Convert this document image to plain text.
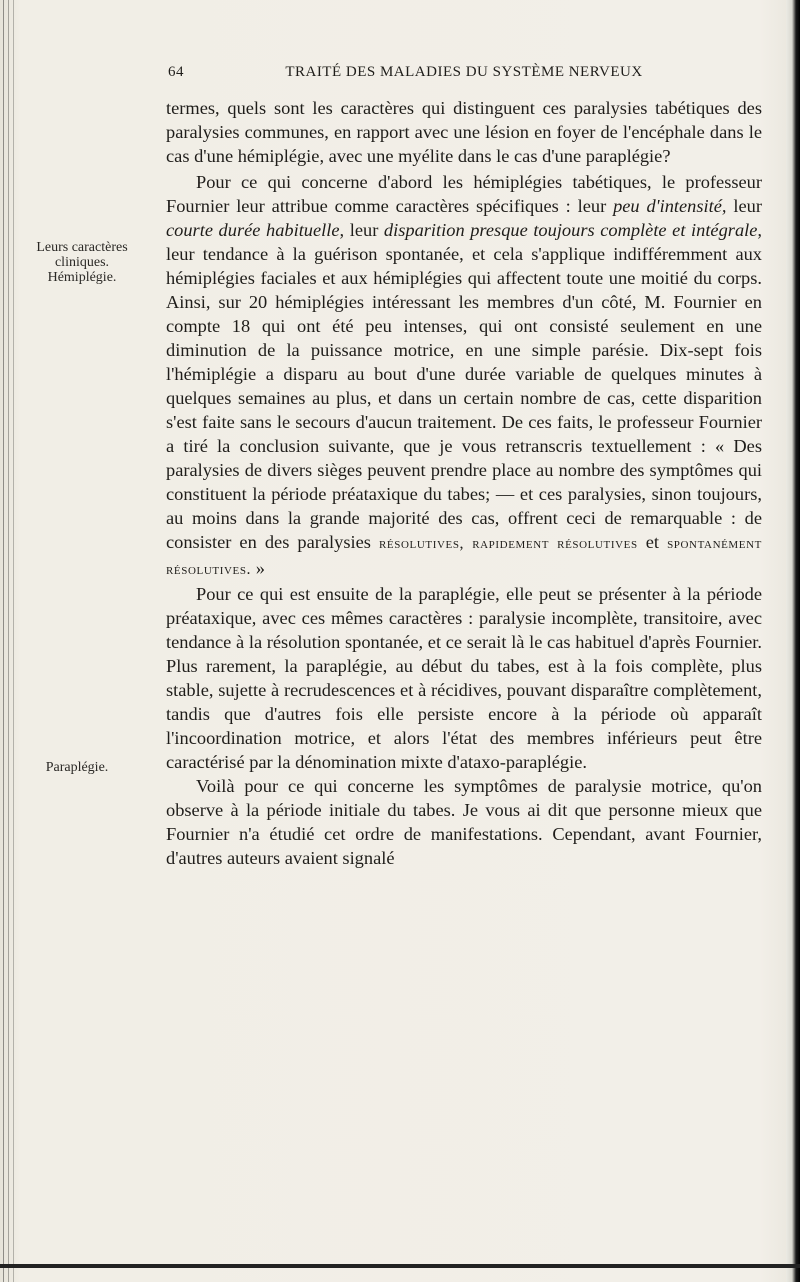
64	TRAITÉ DES MALADIES DU SYSTÈME NERVEUX
Leurs caractères
cliniques.
Hémiplégie.
Paraplégie.

termes, quels sont les caractères qui distinguent ces paralysies tabétiques des paralysies communes, en rapport avec une lésion en foyer de l'encéphale dans le cas d'une hémiplégie, avec une myélite dans le cas d'une paraplégie?

Pour ce qui concerne d'abord les hémiplégies tabétiques, le professeur Fournier leur attribue comme caractères spécifiques : leur peu d'intensité, leur courte durée habituelle, leur disparition presque toujours complète et intégrale, leur tendance à la guérison spontanée, et cela s'applique indifféremment aux hémiplégies faciales et aux hémiplégies qui affectent toute une moitié du corps. Ainsi, sur 20 hémiplégies intéressant les membres d'un côté, M. Fournier en compte 18 qui ont été peu intenses, qui ont consisté seulement en une diminution de la puissance motrice, en une simple parésie. Dix-sept fois l'hémiplégie a disparu au bout d'une durée variable de quelques minutes à quelques semaines au plus, et dans un certain nombre de cas, cette disparition s'est faite sans le secours d'aucun traitement. De ces faits, le professeur Fournier a tiré la conclusion suivante, que je vous retranscris textuellement : « Des paralysies de divers sièges peuvent prendre place au nombre des symptômes qui constituent la période préataxique du tabes; — et ces paralysies, sinon toujours, au moins dans la grande majorité des cas, offrent ceci de remarquable : de consister en des paralysies résolutives, rapidement résolutives et spontanément résolutives. »

Pour ce qui est ensuite de la paraplégie, elle peut se présenter à la période préataxique, avec ces mêmes caractères : paralysie incomplète, transitoire, avec tendance à la résolution spontanée, et ce serait là le cas habituel d'après Fournier. Plus rarement, la paraplégie, au début du tabes, est à la fois complète, plus stable, sujette à recrudescences et à récidives, pouvant disparaître complètement, tandis que d'autres fois elle persiste encore à la période où apparaît l'incoordination motrice, et alors l'état des membres inférieurs peut être caractérisé par la dénomination mixte d'ataxo-paraplégie.

Voilà pour ce qui concerne les symptômes de paralysie motrice, qu'on observe à la période initiale du tabes. Je vous ai dit que personne mieux que Fournier n'a étudié cet ordre de manifestations. Cependant, avant Fournier, d'autres auteurs avaient signalé
